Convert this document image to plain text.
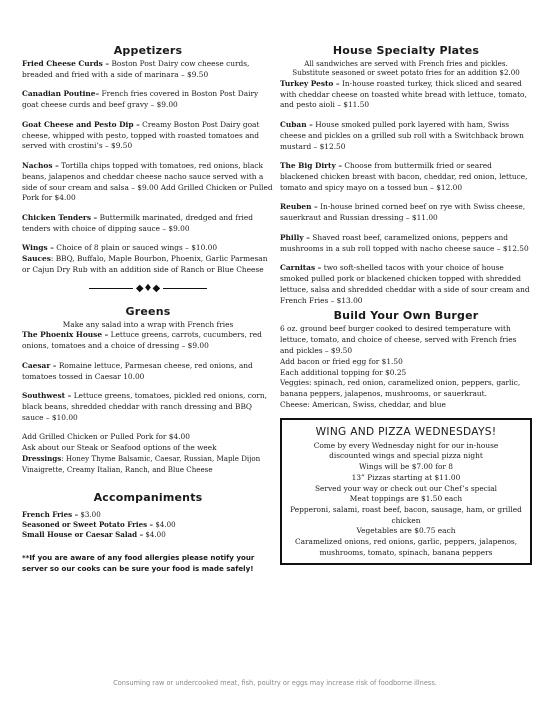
Appetizers
Fried Cheese Curds – Boston Post Dairy cow cheese curds, breaded and fried with a side of marinara – $9.50
Canadian Poutine– French fries covered in Boston Post Dairy goat cheese curds and beef gravy – $9.00
Goat Cheese and Pesto Dip – Creamy Boston Post Dairy goat cheese, whipped with pesto, topped with roasted tomatoes and served with crostini’s – $9.50
Nachos – Tortilla chips topped with tomatoes, red onions, black beans, jalapenos and cheddar cheese nacho sauce served with a side of sour cream and salsa – $9.00 Add Grilled Chicken or Pulled Pork for $4.00
Chicken Tenders – Buttermilk marinated, dredged and fried tenders with choice of dipping sauce – $9.00
Wings – Choice of 8 plain or sauced wings – $10.00
Sauces: BBQ, Buffalo, Maple Bourbon, Phoenix, Garlic Parmesan or Cajun Dry Rub with an addition side of Ranch or Blue Cheese
◆♦◆
Greens
Make any salad into a wrap with French fries
The Phoenix House – Lettuce greens, carrots, cucumbers, red onions, tomatoes and a choice of dressing – $9.00
Caesar – Romaine lettuce, Parmesan cheese, red onions, and tomatoes tossed in Caesar 10.00
Southwest – Lettuce greens, tomatoes, pickled red onions, corn, black beans, shredded cheddar with ranch dressing and BBQ sauce – $10.00
Add Grilled Chicken or Pulled Pork for $4.00
Ask about our Steak or Seafood options of the week
Dressings: Honey Thyme Balsamic, Caesar, Russian, Maple Dijon Vinaigrette, Creamy Italian, Ranch, and Blue Cheese
Accompaniments
French Fries – $3.00
Seasoned or Sweet Potato Fries – $4.00
Small House or Caesar Salad – $4.00
**If you are aware of any food allergies please notify your server so our cooks can be sure your food is made safely!
House Specialty Plates
All sandwiches are served with French fries and pickles.
Substitute seasoned or sweet potato fries for an addition $2.00
Turkey Pesto – In-house roasted turkey, thick sliced and seared with cheddar cheese on toasted white bread with lettuce, tomato, and pesto aioli – $11.50
Cuban – House smoked pulled pork layered with ham, Swiss cheese and pickles on a grilled sub roll with a Switchback brown mustard – $12.50
The Big Dirty – Choose from buttermilk fried or seared blackened chicken breast with bacon, cheddar, red onion, lettuce, tomato and spicy mayo on a tossed bun – $12.00
Reuben – In-house brined corned beef on rye with Swiss cheese, sauerkraut and Russian dressing – $11.00
Philly – Shaved roast beef, caramelized onions, peppers and mushrooms in a sub roll topped with nacho cheese sauce – $12.50
Carnitas – two soft-shelled tacos with your choice of house smoked pulled pork or blackened chicken topped with shredded lettuce, salsa and shredded cheddar with a side of sour cream and French Fries – $13.00
Build Your Own Burger
6 oz. ground beef burger cooked to desired temperature with lettuce, tomato, and choice of cheese, served with French fries and pickles – $9.50
Add bacon or fried egg for $1.50
Each additional topping for $0.25
Veggies: spinach, red onion, caramelized onion, peppers, garlic, banana peppers, jalapenos, mushrooms, or sauerkraut.
Cheese: American, Swiss, cheddar, and blue
WING AND PIZZA WEDNESDAYS!
Come by every Wednesday night for our in-house
discounted wings and special pizza night
Wings will be $7.00 for 8
13” Pizzas starting at $11.00
Served your way or check out our Chef’s special
Meat toppings are $1.50 each
Pepperoni, salami, roast beef, bacon, sausage, ham, or grilled chicken
Vegetables are $0.75 each
Caramelized onions, red onions, garlic, peppers, jalapenos, mushrooms, tomato, spinach, banana peppers
Consuming raw or undercooked meat, fish, poultry or eggs may increase risk of foodborne illness.
